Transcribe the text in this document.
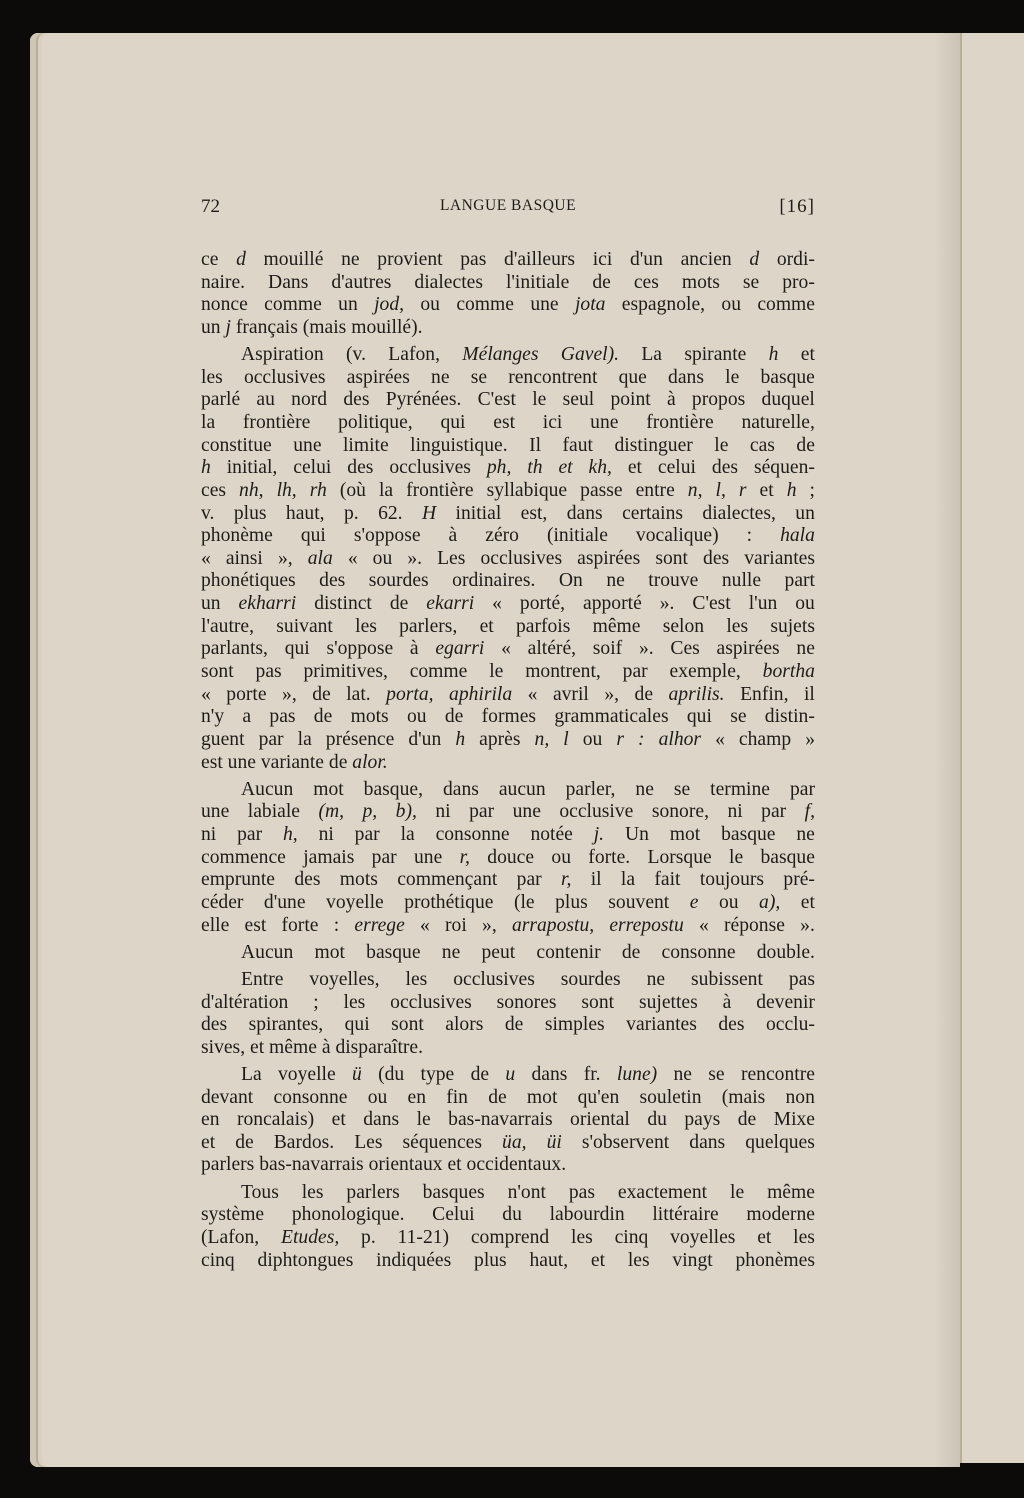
72	LANGUE BASQUE	[16]
ce d mouillé ne provient pas d'ailleurs ici d'un ancien d ordi-
naire. Dans d'autres dialectes l'initiale de ces mots se pro-
nonce comme un jod, ou comme une jota espagnole, ou comme
un j français (mais mouillé).
Aspiration (v. Lafon, Mélanges Gavel). La spirante h et
les occlusives aspirées ne se rencontrent que dans le basque
parlé au nord des Pyrénées. C'est le seul point à propos duquel
la frontière politique, qui est ici une frontière naturelle,
constitue une limite linguistique. Il faut distinguer le cas de
h initial, celui des occlusives ph, th et kh, et celui des séquen-
ces nh, lh, rh (où la frontière syllabique passe entre n, l, r et h ;
v. plus haut, p. 62. H initial est, dans certains dialectes, un
phonème qui s'oppose à zéro (initiale vocalique) : hala
« ainsi », ala « ou ». Les occlusives aspirées sont des variantes
phonétiques des sourdes ordinaires. On ne trouve nulle part
un ekharri distinct de ekarri « porté, apporté ». C'est l'un ou
l'autre, suivant les parlers, et parfois même selon les sujets
parlants, qui s'oppose à egarri « altéré, soif ». Ces aspirées ne
sont pas primitives, comme le montrent, par exemple, bortha
« porte », de lat. porta, aphirila « avril », de aprilis. Enfin, il
n'y a pas de mots ou de formes grammaticales qui se distin-
guent par la présence d'un h après n, l ou r : alhor « champ »
est une variante de alor.
Aucun mot basque, dans aucun parler, ne se termine par
une labiale (m, p, b), ni par une occlusive sonore, ni par f,
ni par h, ni par la consonne notée j. Un mot basque ne
commence jamais par une r, douce ou forte. Lorsque le basque
emprunte des mots commençant par r, il la fait toujours pré-
céder d'une voyelle prothétique (le plus souvent e ou a), et
elle est forte : errege « roi », arrapostu, errepostu « réponse ».
Aucun mot basque ne peut contenir de consonne double.
Entre voyelles, les occlusives sourdes ne subissent pas
d'altération ; les occlusives sonores sont sujettes à devenir
des spirantes, qui sont alors de simples variantes des occlu-
sives, et même à disparaître.
La voyelle ü (du type de u dans fr. lune) ne se rencontre
devant consonne ou en fin de mot qu'en souletin (mais non
en roncalais) et dans le bas-navarrais oriental du pays de Mixe
et de Bardos. Les séquences üa, üi s'observent dans quelques
parlers bas-navarrais orientaux et occidentaux.
Tous les parlers basques n'ont pas exactement le même
système phonologique. Celui du labourdin littéraire moderne
(Lafon, Etudes, p. 11-21) comprend les cinq voyelles et les
cinq diphtongues indiquées plus haut, et les vingt phonèmes
